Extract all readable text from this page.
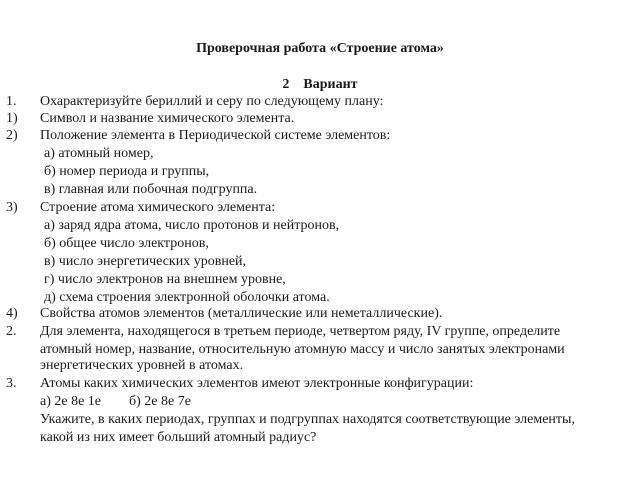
Проверочная работа «Строение атома»
2 Вариант
1. Охарактеризуйте бериллий и серу по следующему плану:
1) Символ и название химического элемента.
2) Положение элемента в Периодической системе элементов:
а) атомный номер,
б) номер периода и группы,
в) главная или побочная подгруппа.
3) Строение атома химического элемента:
а) заряд ядра атома, число протонов и нейтронов,
б) общее число электронов,
в) число энергетических уровней,
г) число электронов на внешнем уровне,
д) схема строения электронной оболочки атома.
4) Свойства атомов элементов (металлические или неметаллические).
2. Для элемента, находящегося в третьем периоде, четвертом ряду, IV группе, определите
атомный номер, название, относительную атомную массу и число занятых электронами
энергетических уровней в атомах.
3. Атомы каких химических элементов имеют электронные конфигурации:
а) 2е 8е 1е        б) 2е 8е 7е
Укажите, в каких периодах, группах и подгруппах находятся соответствующие элементы,
какой из них имеет больший атомный радиус?
